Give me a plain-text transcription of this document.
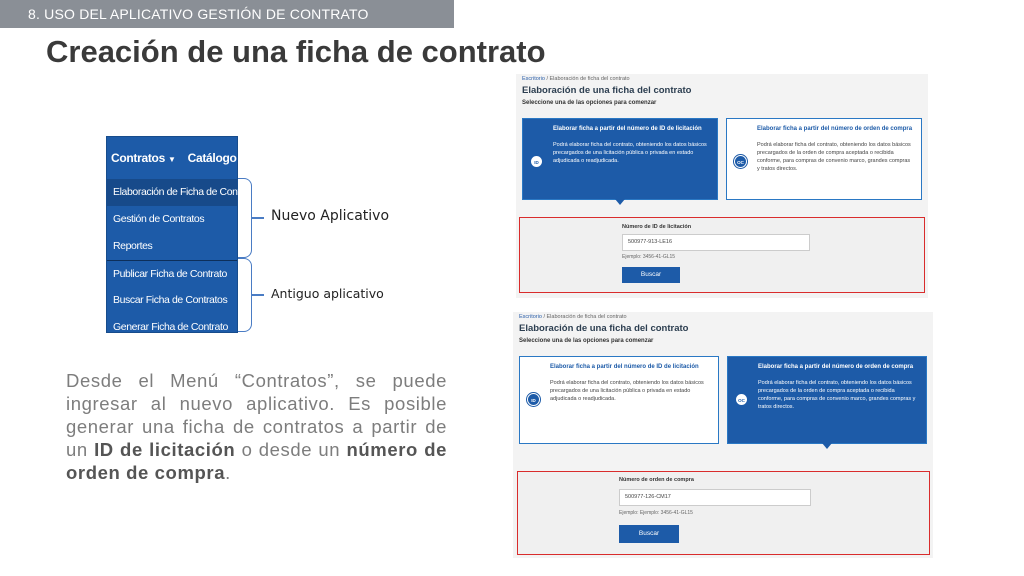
8. USO DEL APLICATIVO GESTIÓN DE CONTRATO
Creación de una ficha de contrato
Contratos ▼ Catálogo ▼
Elaboración de Ficha de Contrato
Gestión de Contratos
Reportes
Publicar Ficha de Contrato
Buscar Ficha de Contratos
Generar Ficha de Contrato
Nuevo Aplicativo
Antiguo aplicativo
Desde el Menú “Contratos”, se puede ingresar al nuevo aplicativo. Es posible generar una ficha de contratos a partir de un ID de licitación o desde un número de orden de compra.
Escritorio / Elaboración de ficha del contrato
Elaboración de una ficha del contrato
Seleccione una de las opciones para comenzar
ID
Elaborar ficha a partir del número de ID de licitación
Podrá elaborar ficha del contrato, obteniendo los datos básicos precargados de una licitación pública o privada en estado adjudicada o readjudicada.	OC
Elaborar ficha a partir del número de orden de compra
Podrá elaborar ficha del contrato, obteniendo los datos básicos precargados de la orden de compra aceptada o recibida conforme, para compras de convenio marco, grandes compras y tratos directos.
Número de ID de licitación
500977-913-LE16
Ejemplo: 3456-41-GL15
Buscar
Escritorio / Elaboración de ficha del contrato
Elaboración de una ficha del contrato
Seleccione una de las opciones para comenzar
ID
Elaborar ficha a partir del número de ID de licitación
Podrá elaborar ficha del contrato, obteniendo los datos básicos precargados de una licitación pública o privada en estado adjudicada o readjudicada.	OC
Elaborar ficha a partir del número de orden de compra
Podrá elaborar ficha del contrato, obteniendo los datos básicos precargados de la orden de compra aceptada o recibida conforme, para compras de convenio marco, grandes compras y tratos directos.
Número de orden de compra
500977-126-CM17
Ejemplo: Ejemplo: 3456-41-GL15
Buscar
